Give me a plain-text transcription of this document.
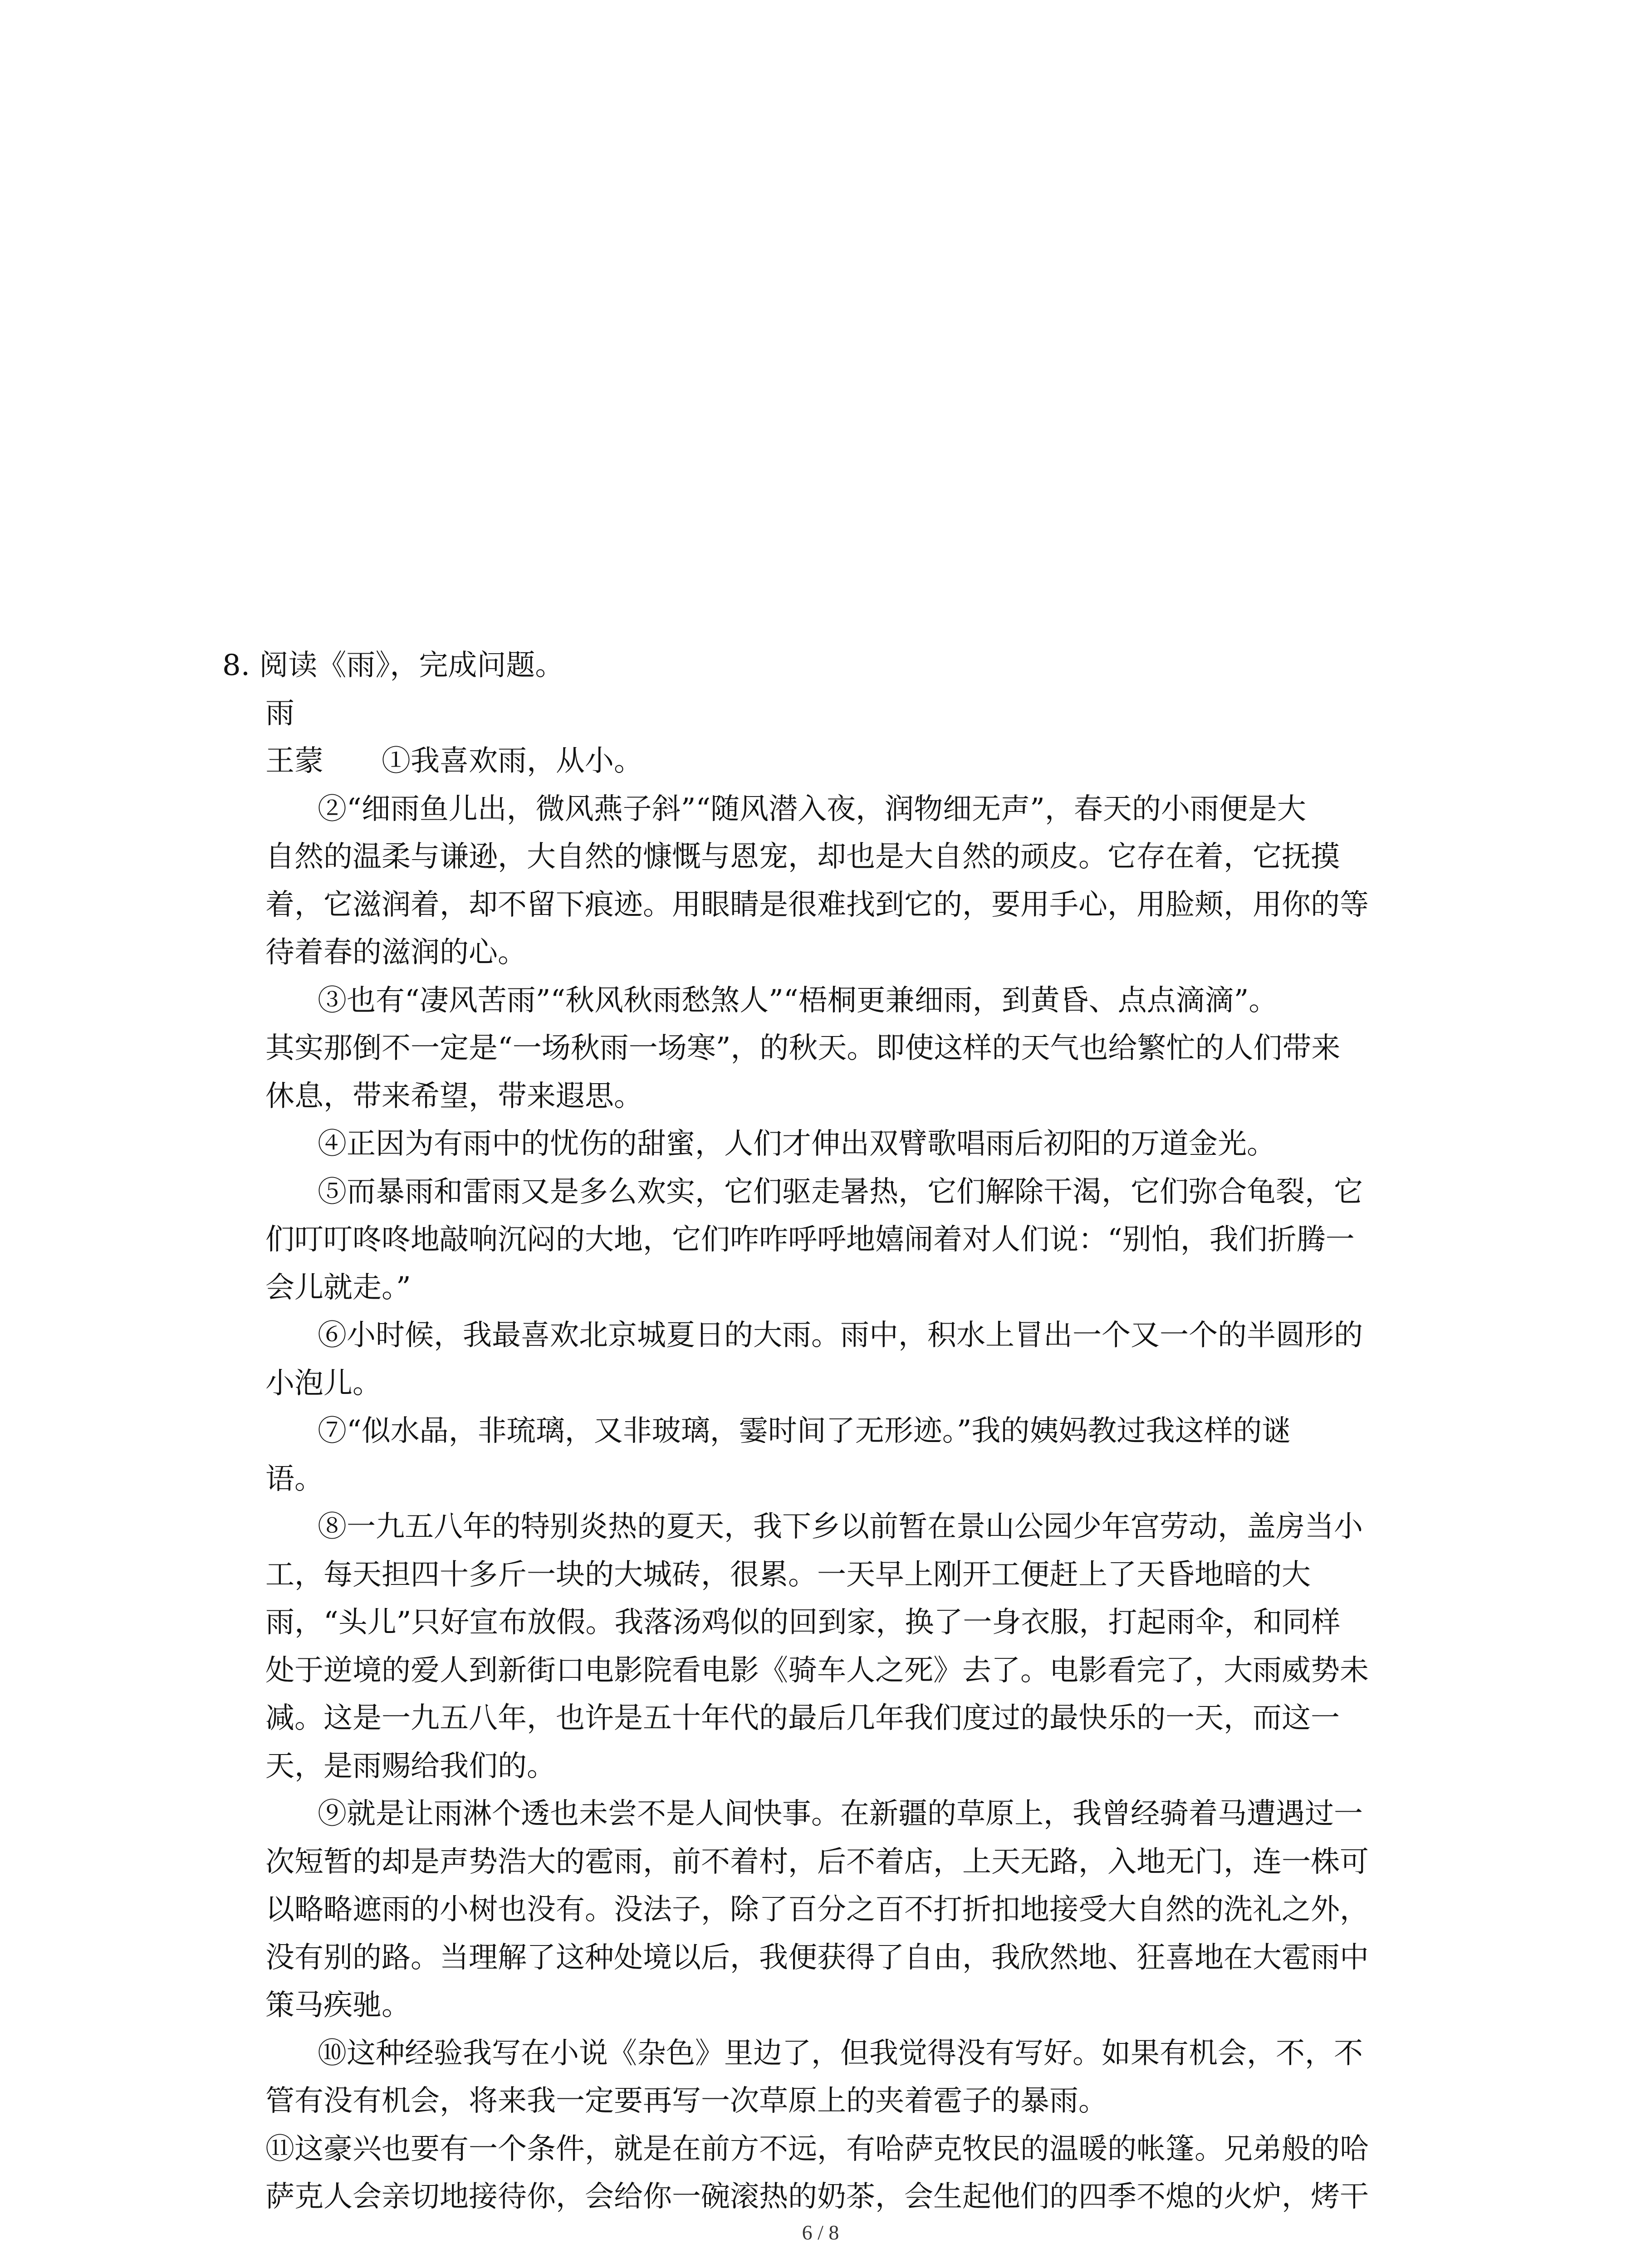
8. 阅读《雨》，完成问题。
雨
王蒙　　①我喜欢雨，从小。
②“细雨鱼儿出，微风燕子斜”“随风潜入夜，润物细无声”，春天的小雨便是大
自然的温柔与谦逊，大自然的慷慨与恩宠，却也是大自然的顽皮。它存在着，它抚摸
着，它滋润着，却不留下痕迹。用眼睛是很难找到它的，要用手心，用脸颊，用你的等
待着春的滋润的心。
③也有“凄风苦雨”“秋风秋雨愁煞人”“梧桐更兼细雨，到黄昏、点点滴滴”。
其实那倒不一定是“一场秋雨一场寒”，的秋天。即使这样的天气也给繁忙的人们带来
休息，带来希望，带来遐思。
④正因为有雨中的忧伤的甜蜜，人们才伸出双臂歌唱雨后初阳的万道金光。
⑤而暴雨和雷雨又是多么欢实，它们驱走暑热，它们解除干渴，它们弥合龟裂，它
们叮叮咚咚地敲响沉闷的大地，它们咋咋呼呼地嬉闹着对人们说：“别怕，我们折腾一
会儿就走。”
⑥小时候，我最喜欢北京城夏日的大雨。雨中，积水上冒出一个又一个的半圆形的
小泡儿。
⑦“似水晶，非琉璃，又非玻璃，霎时间了无形迹。”我的姨妈教过我这样的谜
语。
⑧一九五八年的特别炎热的夏天，我下乡以前暂在景山公园少年宫劳动，盖房当小
工，每天担四十多斤一块的大城砖，很累。一天早上刚开工便赶上了天昏地暗的大
雨，“头儿”只好宣布放假。我落汤鸡似的回到家，换了一身衣服，打起雨伞，和同样
处于逆境的爱人到新街口电影院看电影《骑车人之死》去了。电影看完了，大雨威势未
减。这是一九五八年，也许是五十年代的最后几年我们度过的最快乐的一天，而这一
天，是雨赐给我们的。
⑨就是让雨淋个透也未尝不是人间快事。在新疆的草原上，我曾经骑着马遭遇过一
次短暂的却是声势浩大的雹雨，前不着村，后不着店，上天无路，入地无门，连一株可
以略略遮雨的小树也没有。没法子，除了百分之百不打折扣地接受大自然的洗礼之外，
没有别的路。当理解了这种处境以后，我便获得了自由，我欣然地、狂喜地在大雹雨中
策马疾驰。
⑩这种经验我写在小说《杂色》里边了，但我觉得没有写好。如果有机会，不，不
管有没有机会，将来我一定要再写一次草原上的夹着雹子的暴雨。
⑪这豪兴也要有一个条件，就是在前方不远，有哈萨克牧民的温暖的帐篷。兄弟般的哈
萨克人会亲切地接待你，会给你一碗滚热的奶茶，会生起他们的四季不熄的火炉，烤干
6 / 8
